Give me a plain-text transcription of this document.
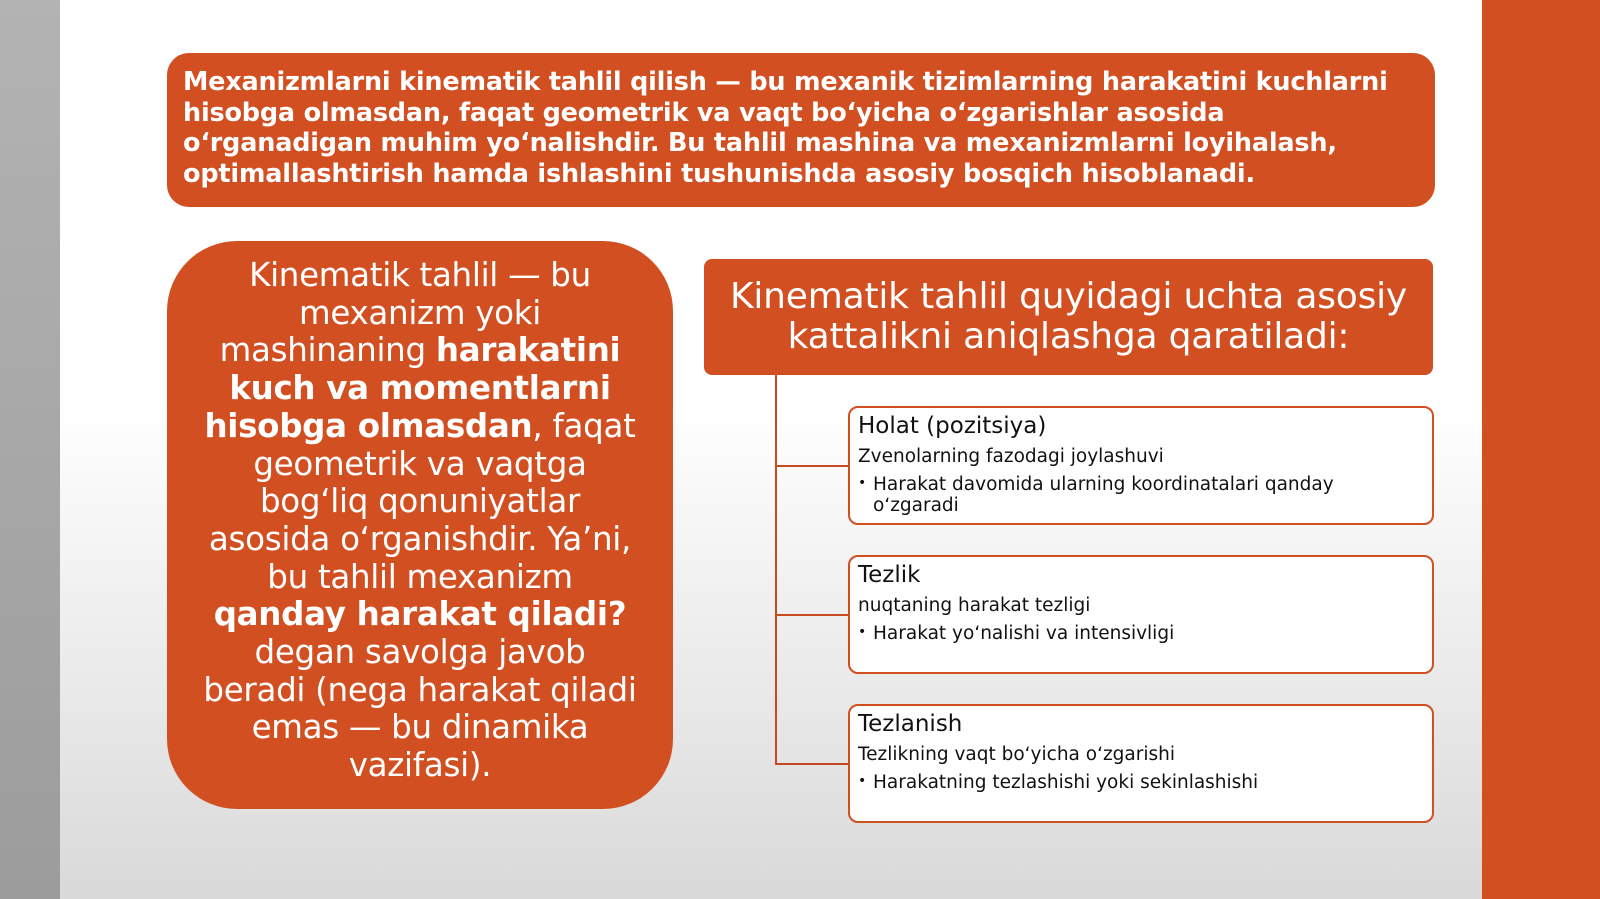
Mexanizmlarni kinematik tahlil qilish — bu mexanik tizimlarning harakatini kuchlarni hisobga olmasdan, faqat geometrik va vaqt bo‘yicha o‘zgarishlar asosida o‘rganadigan muhim yo‘nalishdir. Bu tahlil mashina va mexanizmlarni loyihalash, optimallashtirish hamda ishlashini tushunishda asosiy bosqich hisoblanadi.
Kinematik tahlil — bu mexanizm yoki mashinaning harakatini kuch va momentlarni hisobga olmasdan, faqat geometrik va vaqtga bog‘liq qonuniyatlar asosida o‘rganishdir. Ya’ni, bu tahlil mexanizm qanday harakat qiladi? degan savolga javob beradi (nega harakat qiladi emas — bu dinamika vazifasi).
Kinematik tahlil quyidagi uchta asosiy kattalikni aniqlashga qaratiladi:
Holat (pozitsiya)
Zvenolarning fazodagi joylashuvi
• Harakat davomida ularning koordinatalari qanday o‘zgaradi
Tezlik
nuqtaning harakat tezligi
• Harakat yo‘nalishi va intensivligi
Tezlanish
Tezlikning vaqt bo‘yicha o‘zgarishi
• Harakatning tezlashishi yoki sekinlashishi
